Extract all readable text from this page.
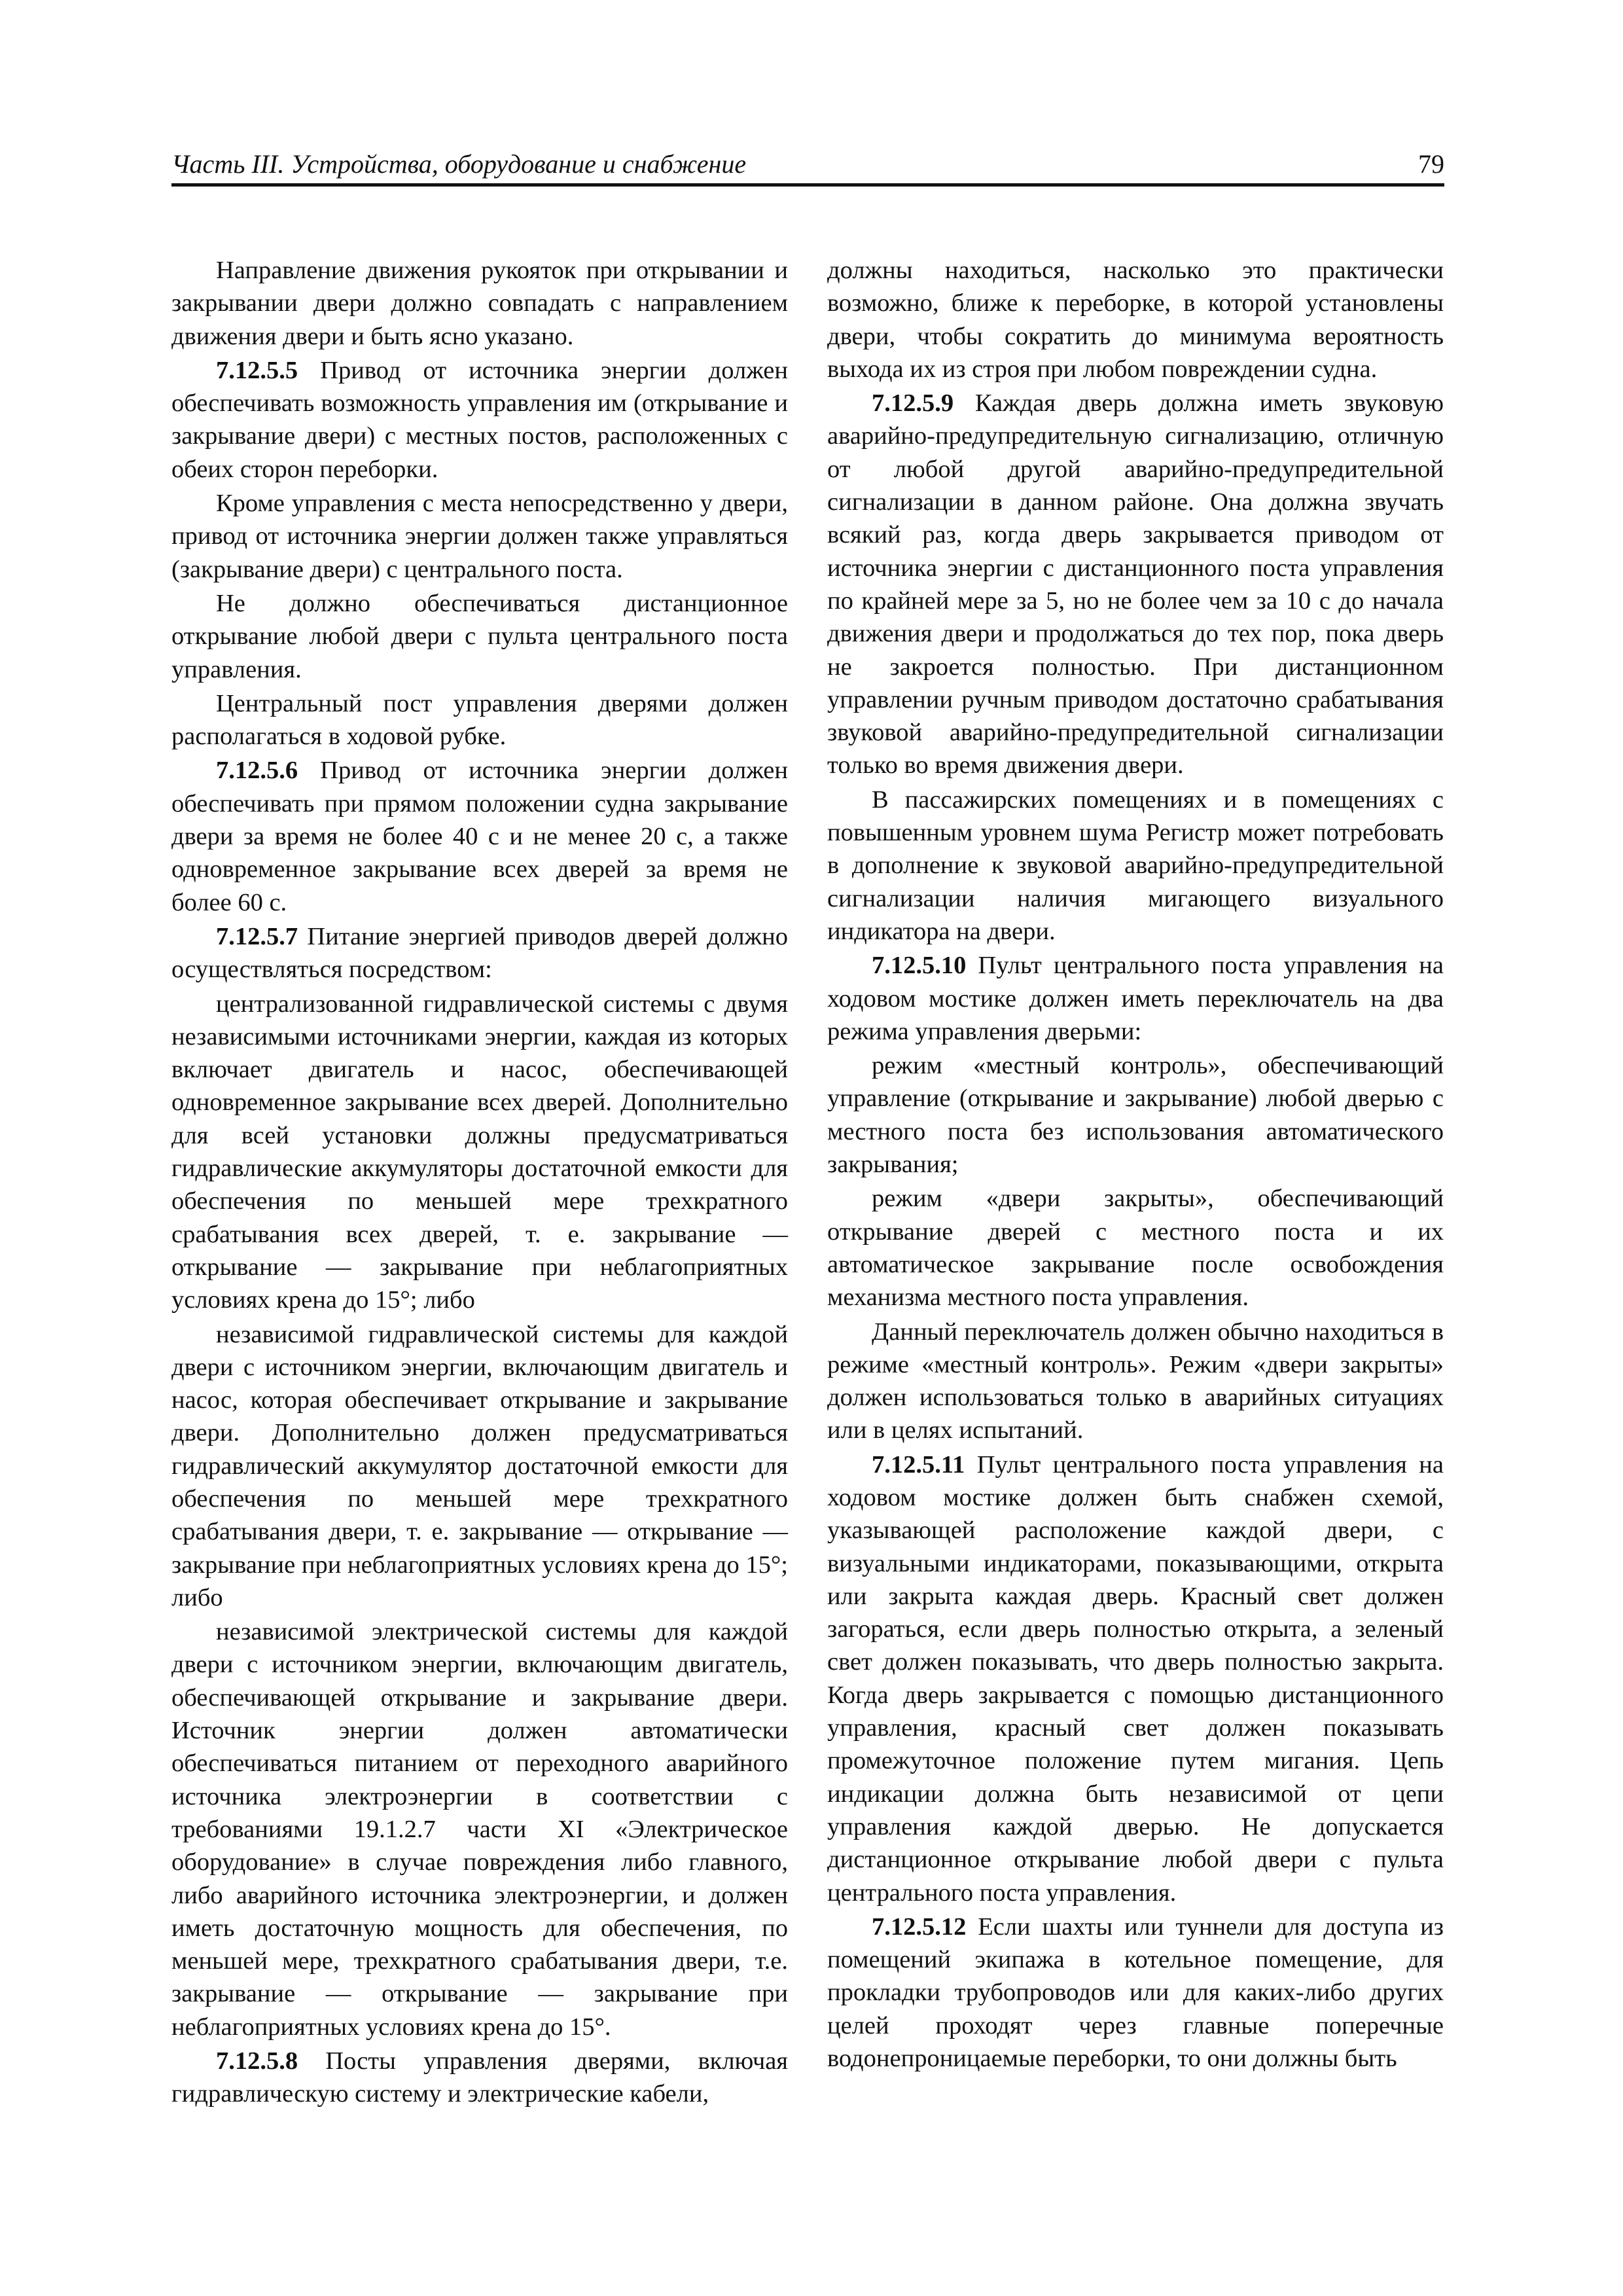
Часть III. Устройства, оборудование и снабжение	79

Направление движения рукояток при открывании и закрывании двери должно совпадать с направлением движения двери и быть ясно указано.

7.12.5.5 Привод от источника энергии должен обеспечивать возможность управления им (открывание и закрывание двери) с местных постов, расположенных с обеих сторон переборки.

Кроме управления с места непосредственно у двери, привод от источника энергии должен также управляться (закрывание двери) с центрального поста.

Не должно обеспечиваться дистанционное открывание любой двери с пульта центрального поста управления.

Центральный пост управления дверями должен располагаться в ходовой рубке.

7.12.5.6 Привод от источника энергии должен обеспечивать при прямом положении судна закрывание двери за время не более 40 с и не менее 20 с, а также одновременное закрывание всех дверей за время не более 60 с.

7.12.5.7 Питание энергией приводов дверей должно осуществляться посредством:

централизованной гидравлической системы с двумя независимыми источниками энергии, каждая из которых включает двигатель и насос, обеспечивающей одновременное закрывание всех дверей. Дополнительно для всей установки должны предусматриваться гидравлические аккумуляторы достаточной емкости для обеспечения по меньшей мере трехкратного срабатывания всех дверей, т. е. закрывание — открывание — закрывание при неблагоприятных условиях крена до 15°; либо

независимой гидравлической системы для каждой двери с источником энергии, включающим двигатель и насос, которая обеспечивает открывание и закрывание двери. Дополнительно должен предусматриваться гидравлический аккумулятор достаточной емкости для обеспечения по меньшей мере трехкратного срабатывания двери, т. е. закрывание — открывание — закрывание при неблагоприятных условиях крена до 15°; либо

независимой электрической системы для каждой двери с источником энергии, включающим двигатель, обеспечивающей открывание и закрывание двери. Источник энергии должен автоматически обеспечиваться питанием от переходного аварийного источника электроэнергии в соответствии с требованиями 19.1.2.7 части XI «Электрическое оборудование» в случае повреждения либо главного, либо аварийного источника электроэнергии, и должен иметь достаточную мощность для обеспечения, по меньшей мере, трехкратного срабатывания двери, т.е. закрывание — открывание — закрывание при неблагоприятных условиях крена до 15°.

7.12.5.8 Посты управления дверями, включая гидравлическую систему и электрические кабели,

должны находиться, насколько это практически возможно, ближе к переборке, в которой установлены двери, чтобы сократить до минимума вероятность выхода их из строя при любом повреждении судна.

7.12.5.9 Каждая дверь должна иметь звуковую аварийно-предупредительную сигнализацию, отличную от любой другой аварийно-предупредительной сигнализации в данном районе. Она должна звучать всякий раз, когда дверь закрывается приводом от источника энергии с дистанционного поста управления по крайней мере за 5, но не более чем за 10 с до начала движения двери и продолжаться до тех пор, пока дверь не закроется полностью. При дистанционном управлении ручным приводом достаточно срабатывания звуковой аварийно-предупредительной сигнализации только во время движения двери.

В пассажирских помещениях и в помещениях с повышенным уровнем шума Регистр может потребовать в дополнение к звуковой аварийно-предупредительной сигнализации наличия мигающего визуального индикатора на двери.

7.12.5.10 Пульт центрального поста управления на ходовом мостике должен иметь переключатель на два режима управления дверьми:

режим «местный контроль», обеспечивающий управление (открывание и закрывание) любой дверью с местного поста без использования автоматического закрывания;

режим «двери закрыты», обеспечивающий открывание дверей с местного поста и их автоматическое закрывание после освобождения механизма местного поста управления.

Данный переключатель должен обычно находиться в режиме «местный контроль». Режим «двери закрыты» должен использоваться только в аварийных ситуациях или в целях испытаний.

7.12.5.11 Пульт центрального поста управления на ходовом мостике должен быть снабжен схемой, указывающей расположение каждой двери, с визуальными индикаторами, показывающими, открыта или закрыта каждая дверь. Красный свет должен загораться, если дверь полностью открыта, а зеленый свет должен показывать, что дверь полностью закрыта. Когда дверь закрывается с помощью дистанционного управления, красный свет должен показывать промежуточное положение путем мигания. Цепь индикации должна быть независимой от цепи управления каждой дверью. Не допускается дистанционное открывание любой двери с пульта центрального поста управления.

7.12.5.12 Если шахты или туннели для доступа из помещений экипажа в котельное помещение, для прокладки трубопроводов или для каких-либо других целей проходят через главные поперечные водонепроницаемые переборки, то они должны быть
